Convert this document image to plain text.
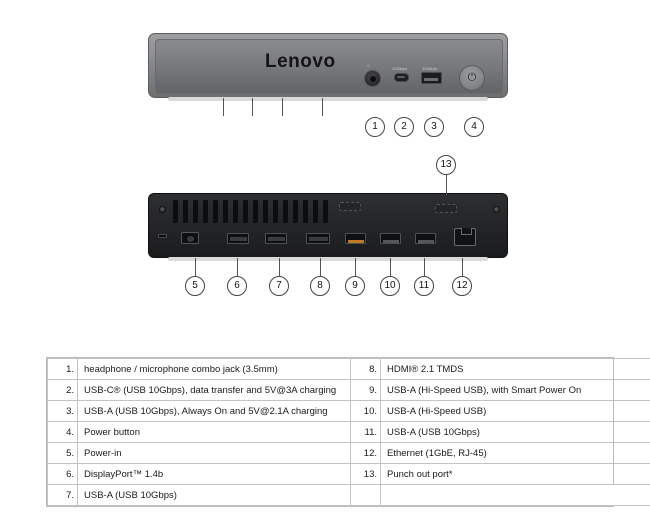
Lenovo	⌂
10Gbps	10Gbps
⏻
1	2	3	4
5	6	7	8	9	10	11	12
13
1.	headphone / microphone combo jack (3.5mm)	8.	HDMI® 2.1 TMDS
2.	USB-C® (USB 10Gbps), data transfer and 5V@3A charging	9.	USB-A (Hi-Speed USB), with Smart Power On
3.	USB-A (USB 10Gbps), Always On and 5V@2.1A charging	10.	USB-A (Hi-Speed USB)
4.	Power button	11.	USB-A (USB 10Gbps)
5.	Power-in	12.	Ethernet (1GbE, RJ-45)
6.	DisplayPort™ 1.4b	13.	Punch out port*
7.	USB-A (USB 10Gbps)		
